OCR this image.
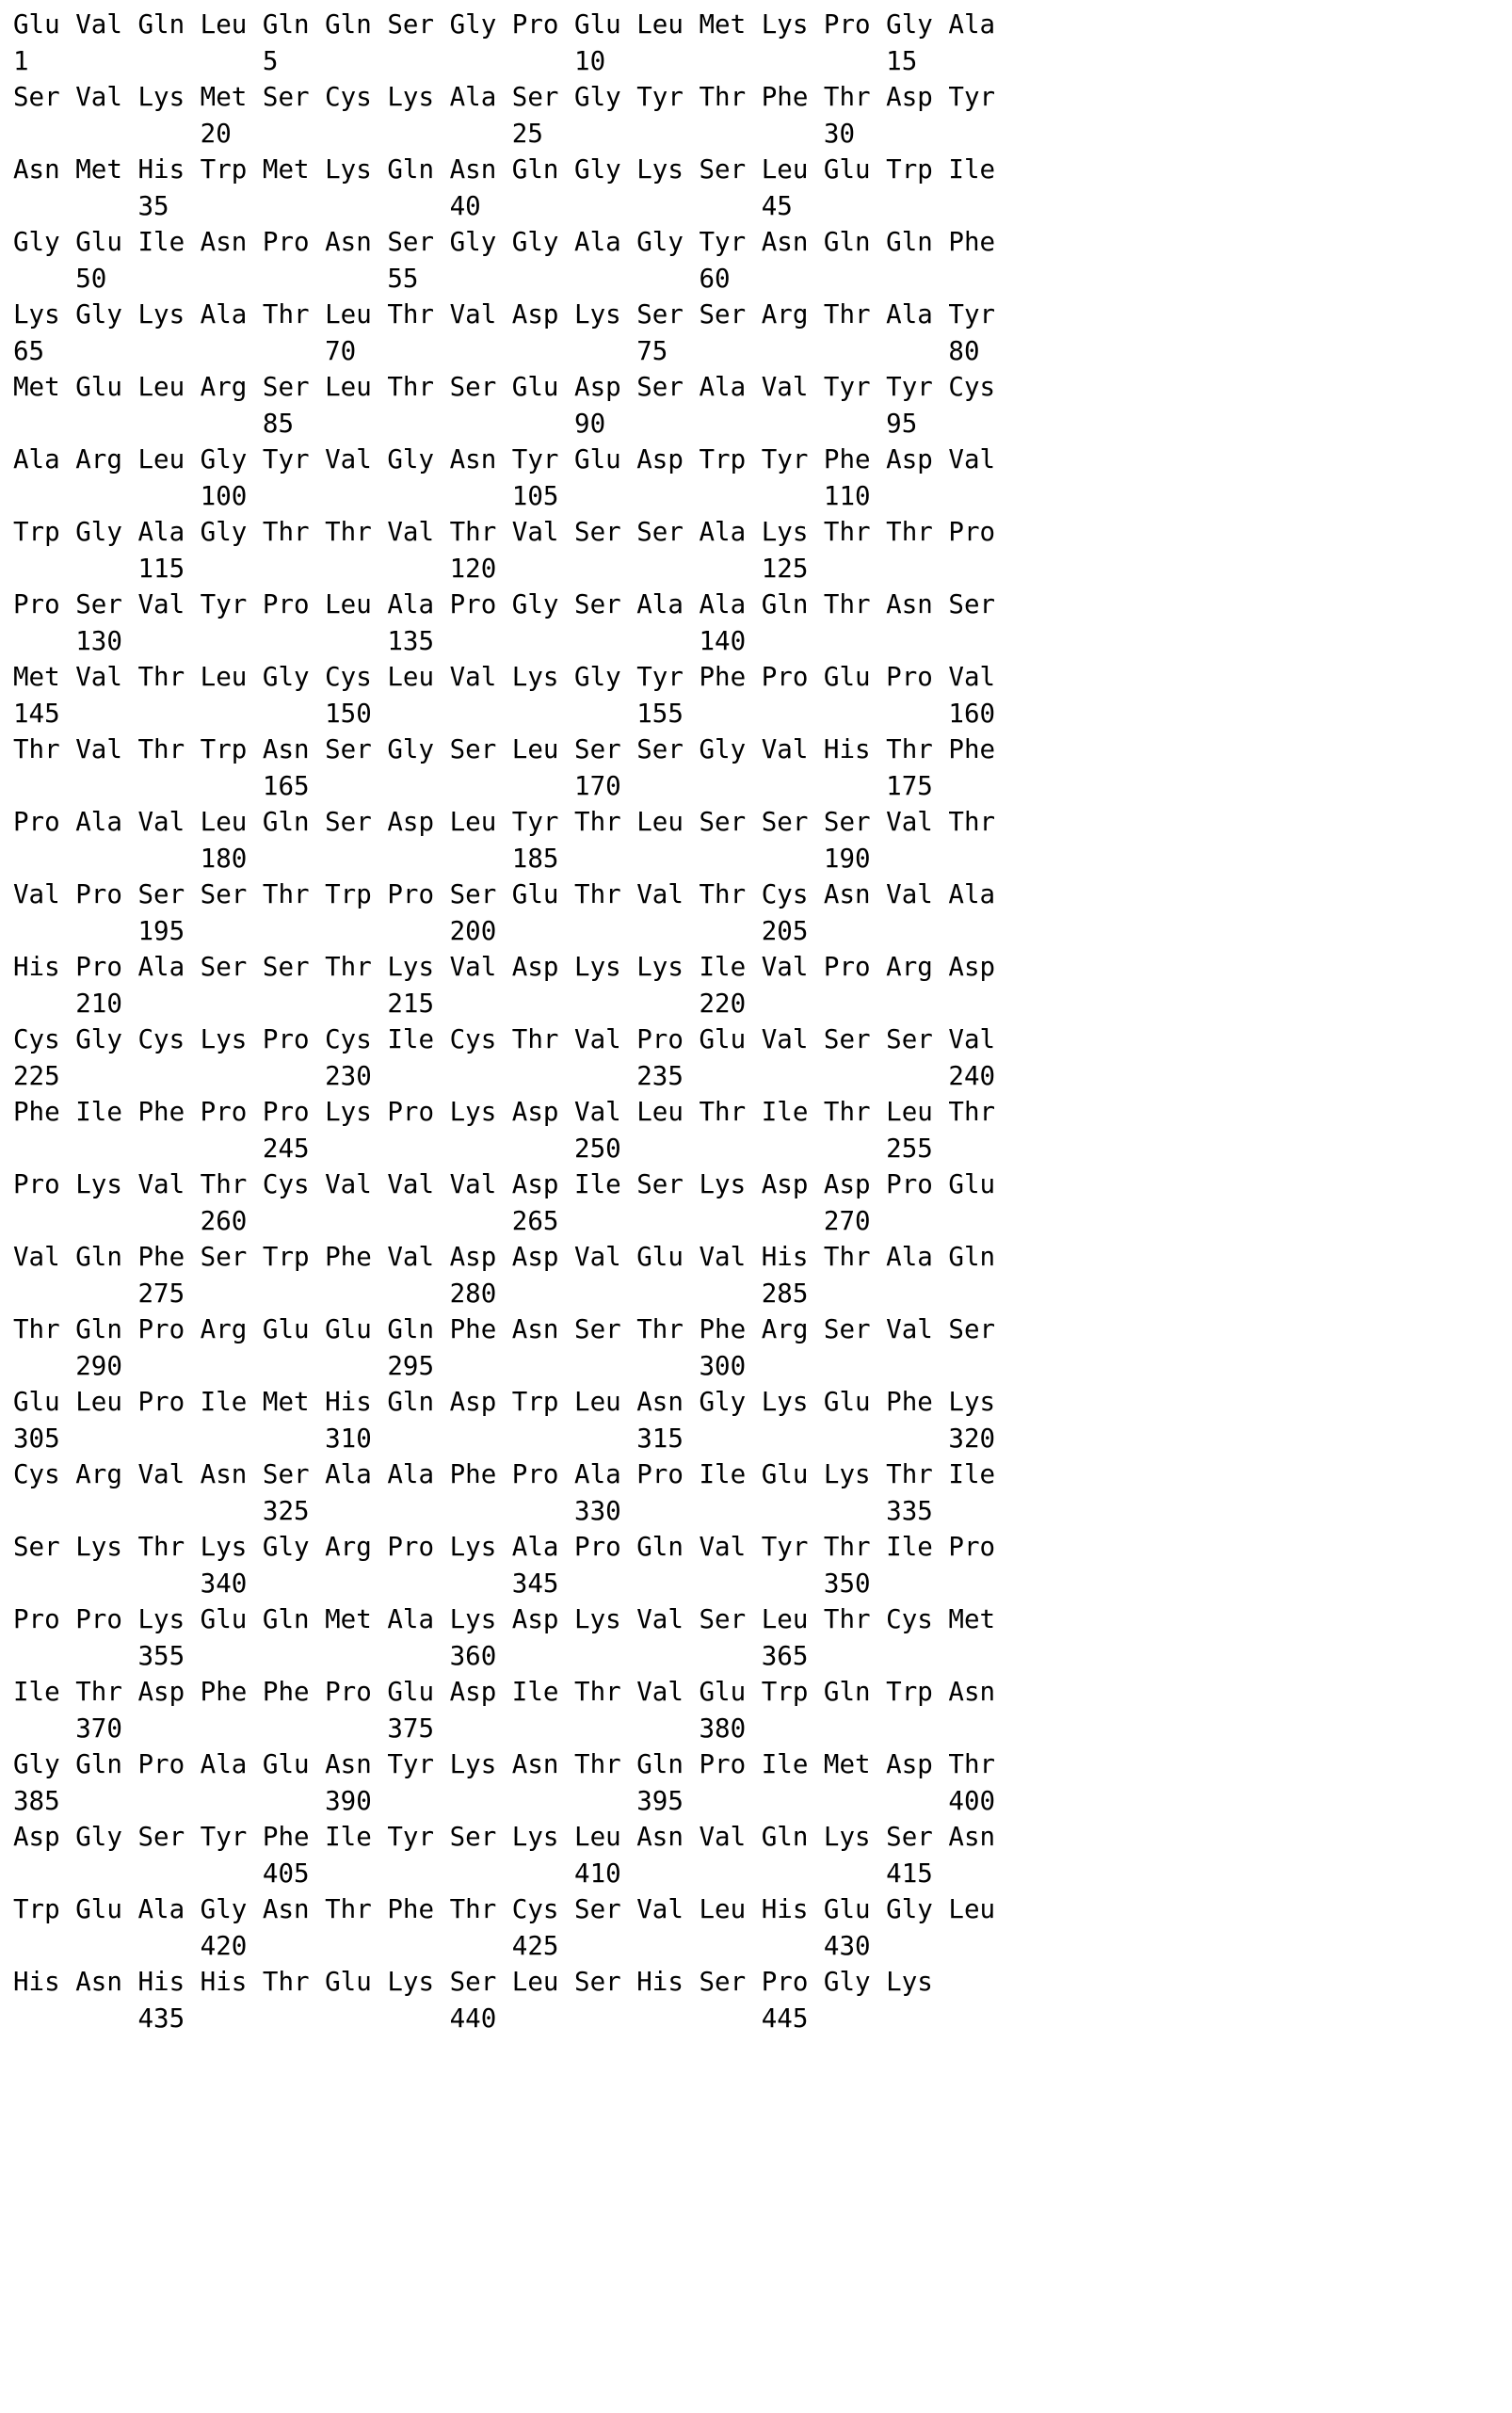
Glu Val Gln Leu Gln Gln Ser Gly Pro Glu Leu Met Lys Pro Gly Ala
1               5                   10                  15
Ser Val Lys Met Ser Cys Lys Ala Ser Gly Tyr Thr Phe Thr Asp Tyr
20                  25                  30
Asn Met His Trp Met Lys Gln Asn Gln Gly Lys Ser Leu Glu Trp Ile
35                  40                  45
Gly Glu Ile Asn Pro Asn Ser Gly Gly Ala Gly Tyr Asn Gln Gln Phe
50                  55                  60
Lys Gly Lys Ala Thr Leu Thr Val Asp Lys Ser Ser Arg Thr Ala Tyr
65                  70                  75                  80
Met Glu Leu Arg Ser Leu Thr Ser Glu Asp Ser Ala Val Tyr Tyr Cys
85                  90                  95
Ala Arg Leu Gly Tyr Val Gly Asn Tyr Glu Asp Trp Tyr Phe Asp Val
100                 105                 110
Trp Gly Ala Gly Thr Thr Val Thr Val Ser Ser Ala Lys Thr Thr Pro
115                 120                 125
Pro Ser Val Tyr Pro Leu Ala Pro Gly Ser Ala Ala Gln Thr Asn Ser
130                 135                 140
Met Val Thr Leu Gly Cys Leu Val Lys Gly Tyr Phe Pro Glu Pro Val
145                 150                 155                 160
Thr Val Thr Trp Asn Ser Gly Ser Leu Ser Ser Gly Val His Thr Phe
165                 170                 175
Pro Ala Val Leu Gln Ser Asp Leu Tyr Thr Leu Ser Ser Ser Val Thr
180                 185                 190
Val Pro Ser Ser Thr Trp Pro Ser Glu Thr Val Thr Cys Asn Val Ala
195                 200                 205
His Pro Ala Ser Ser Thr Lys Val Asp Lys Lys Ile Val Pro Arg Asp
210                 215                 220
Cys Gly Cys Lys Pro Cys Ile Cys Thr Val Pro Glu Val Ser Ser Val
225                 230                 235                 240
Phe Ile Phe Pro Pro Lys Pro Lys Asp Val Leu Thr Ile Thr Leu Thr
245                 250                 255
Pro Lys Val Thr Cys Val Val Val Asp Ile Ser Lys Asp Asp Pro Glu
260                 265                 270
Val Gln Phe Ser Trp Phe Val Asp Asp Val Glu Val His Thr Ala Gln
275                 280                 285
Thr Gln Pro Arg Glu Glu Gln Phe Asn Ser Thr Phe Arg Ser Val Ser
290                 295                 300
Glu Leu Pro Ile Met His Gln Asp Trp Leu Asn Gly Lys Glu Phe Lys
305                 310                 315                 320
Cys Arg Val Asn Ser Ala Ala Phe Pro Ala Pro Ile Glu Lys Thr Ile
325                 330                 335
Ser Lys Thr Lys Gly Arg Pro Lys Ala Pro Gln Val Tyr Thr Ile Pro
340                 345                 350
Pro Pro Lys Glu Gln Met Ala Lys Asp Lys Val Ser Leu Thr Cys Met
355                 360                 365
Ile Thr Asp Phe Phe Pro Glu Asp Ile Thr Val Glu Trp Gln Trp Asn
370                 375                 380
Gly Gln Pro Ala Glu Asn Tyr Lys Asn Thr Gln Pro Ile Met Asp Thr
385                 390                 395                 400
Asp Gly Ser Tyr Phe Ile Tyr Ser Lys Leu Asn Val Gln Lys Ser Asn
405                 410                 415
Trp Glu Ala Gly Asn Thr Phe Thr Cys Ser Val Leu His Glu Gly Leu
420                 425                 430
His Asn His His Thr Glu Lys Ser Leu Ser His Ser Pro Gly Lys
435                 440                 445
